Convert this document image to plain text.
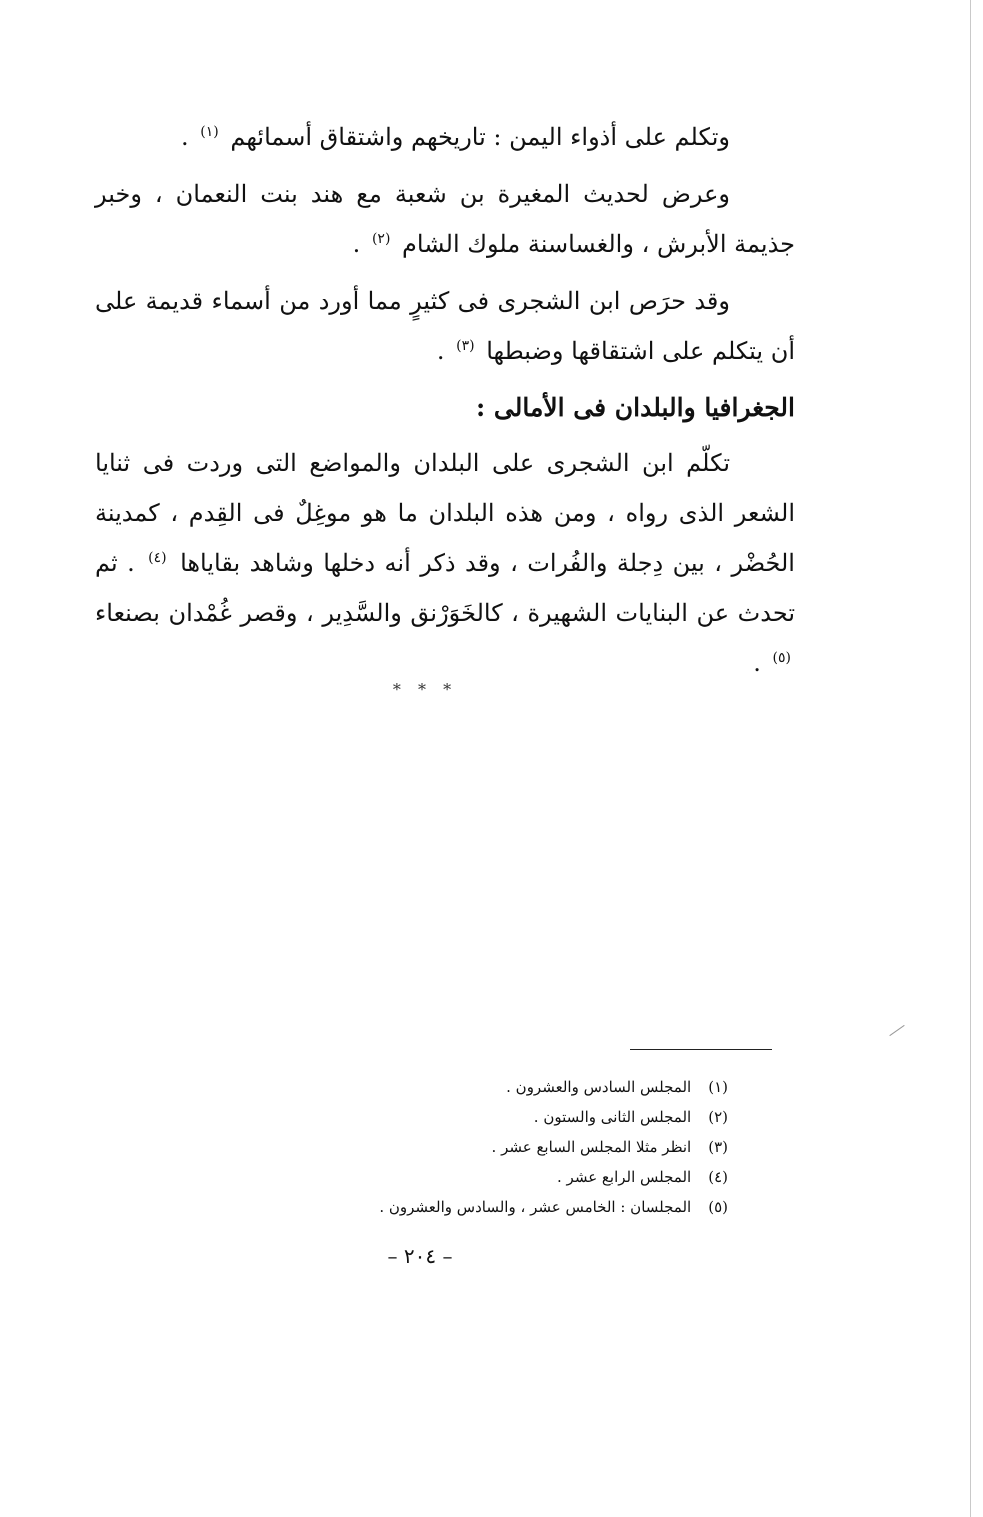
وتكلم على أذواء اليمن : تاريخهم واشتقاق أسمائهم $^{(١)}$ .

وعرض لحديث المغيرة بن شعبة مع هند بنت النعمان ، وخبر جذيمة الأبرش ، والغساسنة ملوك الشام $^{(٢)}$ .

وقد حرَص ابن الشجرى فى كثيرٍ مما أورد من أسماء قديمة على أن يتكلم على اشتقاقها وضبطها $^{(٣)}$ .

الجغرافيا والبلدان فى الأمالى :

تكلّم ابن الشجرى على البلدان والمواضع التى وردت فى ثنايا الشعر الذى رواه ، ومن هذه البلدان ما هو موغِلٌ فى القِدم ، كمدينة الحُضْر ، بين دِجلة والفُرات ، وقد ذكر أنه دخلها وشاهد بقاياها $^{(٤)}$ . ثم تحدث عن البنايات الشهيرة ، كالخَوَرْنق والسَّدِير ، وقصر غُمْدان بصنعاء $^{(٥)}$ .

* * *
(١) المجلس السادس والعشرون .
(٢) المجلس الثانى والستون .
(٣) انظر مثلا المجلس السابع عشر .
(٤) المجلس الرابع عشر .
(٥) المجلسان : الخامس عشر ، والسادس والعشرون .
– ٢٠٤ –
